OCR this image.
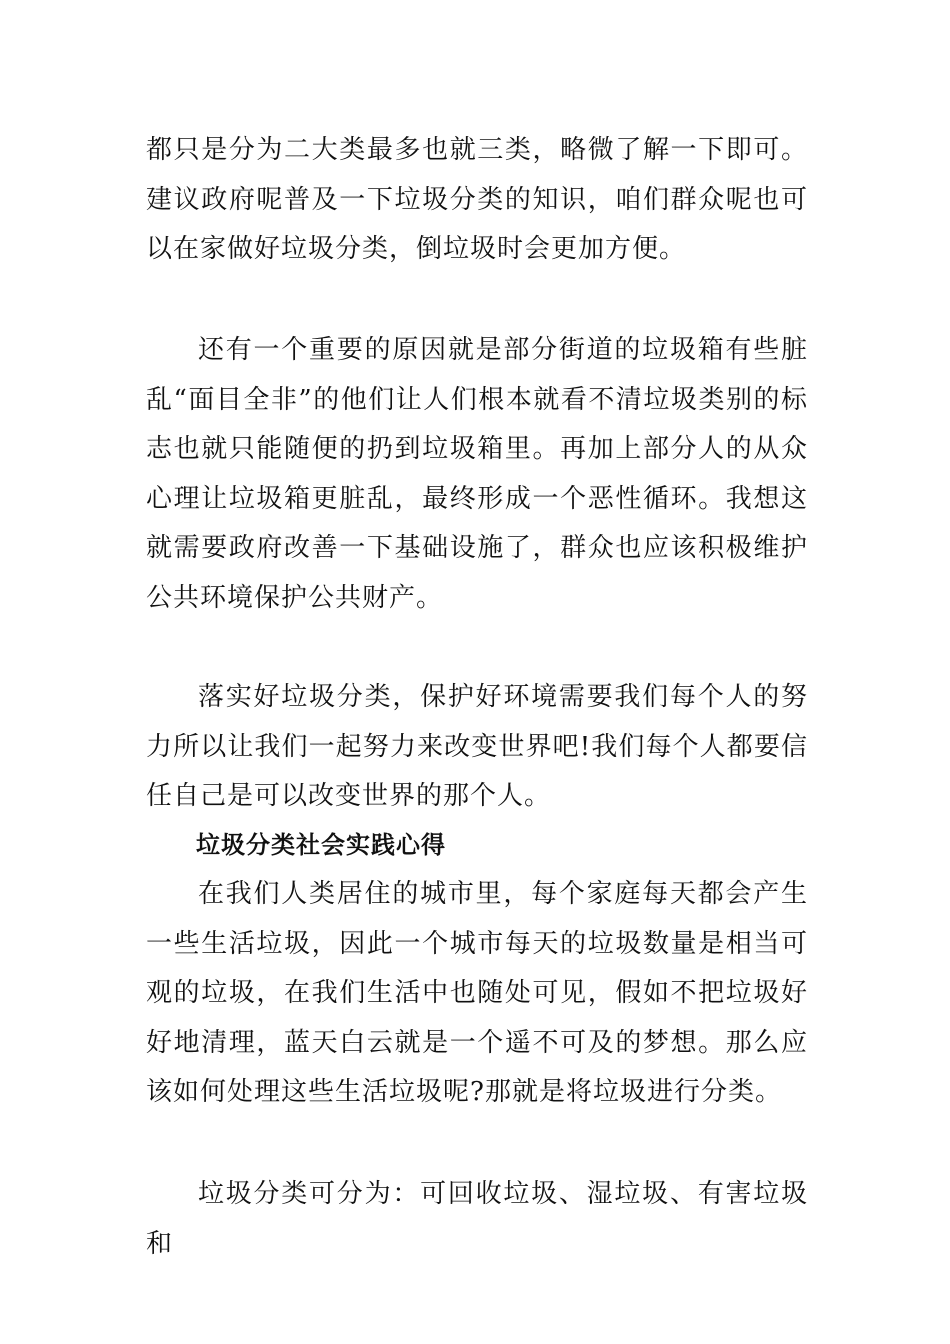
都只是分为二大类最多也就三类，略微了解一下即可。建议政府呢普及一下垃圾分类的知识，咱们群众呢也可以在家做好垃圾分类，倒垃圾时会更加方便。

还有一个重要的原因就是部分街道的垃圾箱有些脏乱“面目全非”的他们让人们根本就看不清垃圾类别的标志也就只能随便的扔到垃圾箱里。再加上部分人的从众心理让垃圾箱更脏乱，最终形成一个恶性循环。我想这就需要政府改善一下基础设施了，群众也应该积极维护公共环境保护公共财产。

落实好垃圾分类，保护好环境需要我们每个人的努力所以让我们一起努力来改变世界吧!我们每个人都要信任自己是可以改变世界的那个人。

垃圾分类社会实践心得

在我们人类居住的城市里，每个家庭每天都会产生一些生活垃圾，因此一个城市每天的垃圾数量是相当可观的垃圾，在我们生活中也随处可见，假如不把垃圾好好地清理，蓝天白云就是一个遥不可及的梦想。那么应该如何处理这些生活垃圾呢?那就是将垃圾进行分类。

垃圾分类可分为：可回收垃圾、湿垃圾、有害垃圾和
